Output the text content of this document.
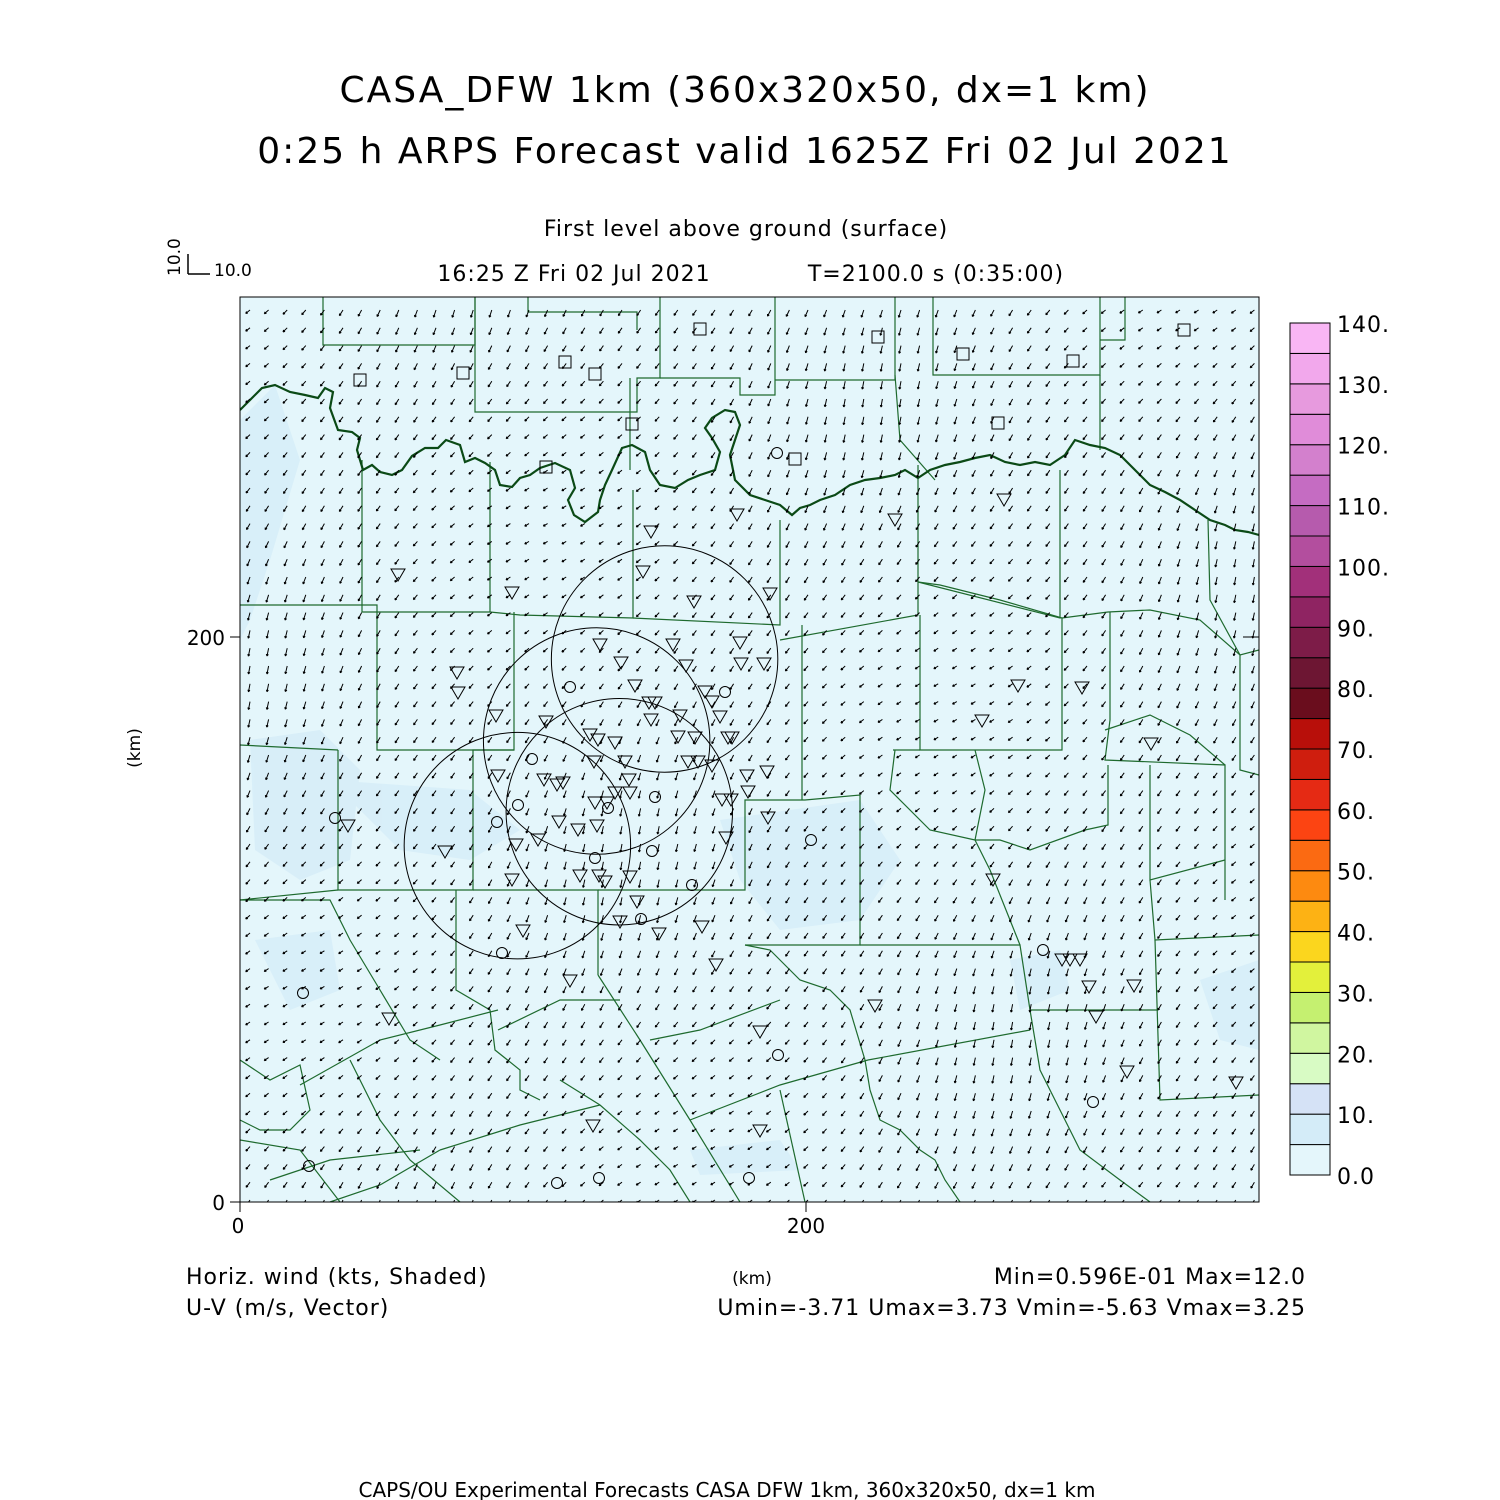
CASA_DFW 1km (360x320x50, dx=1 km)
0:25 h ARPS Forecast valid 1625Z Fri 02 Jul 2021
First level above ground (surface)
16:25 Z Fri 02 Jul 2021	T=2100.0 s (0:35:00)
10.0 10.0
200
0
0	200
(km)
(km)
0.0
10.
20.
30.
40.
50.
60.
70.
80.
90.
100.
110.
120.
130.
140.
Horiz. wind (kts, Shaded)
U-V (m/s, Vector)
Min=0.596E-01 Max=12.0
Umin=-3.71 Umax=3.73 Vmin=-5.63 Vmax=3.25
CAPS/OU Experimental Forecasts CASA DFW 1km, 360x320x50, dx=1 km
